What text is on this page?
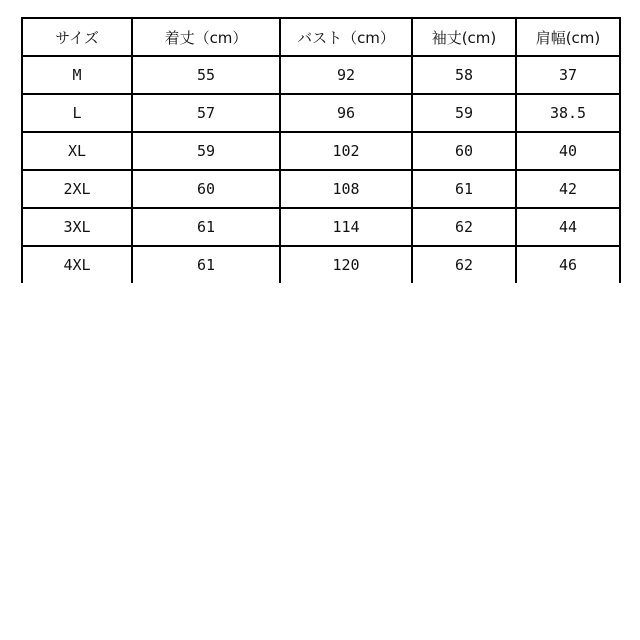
サイズ	着丈（cm）	バスト（cm）	袖丈(cm)	肩幅(cm)
M	55	92	58	37
L	57	96	59	38.5
XL	59	102	60	40
2XL	60	108	61	42
3XL	61	114	62	44
4XL	61	120	62	46
